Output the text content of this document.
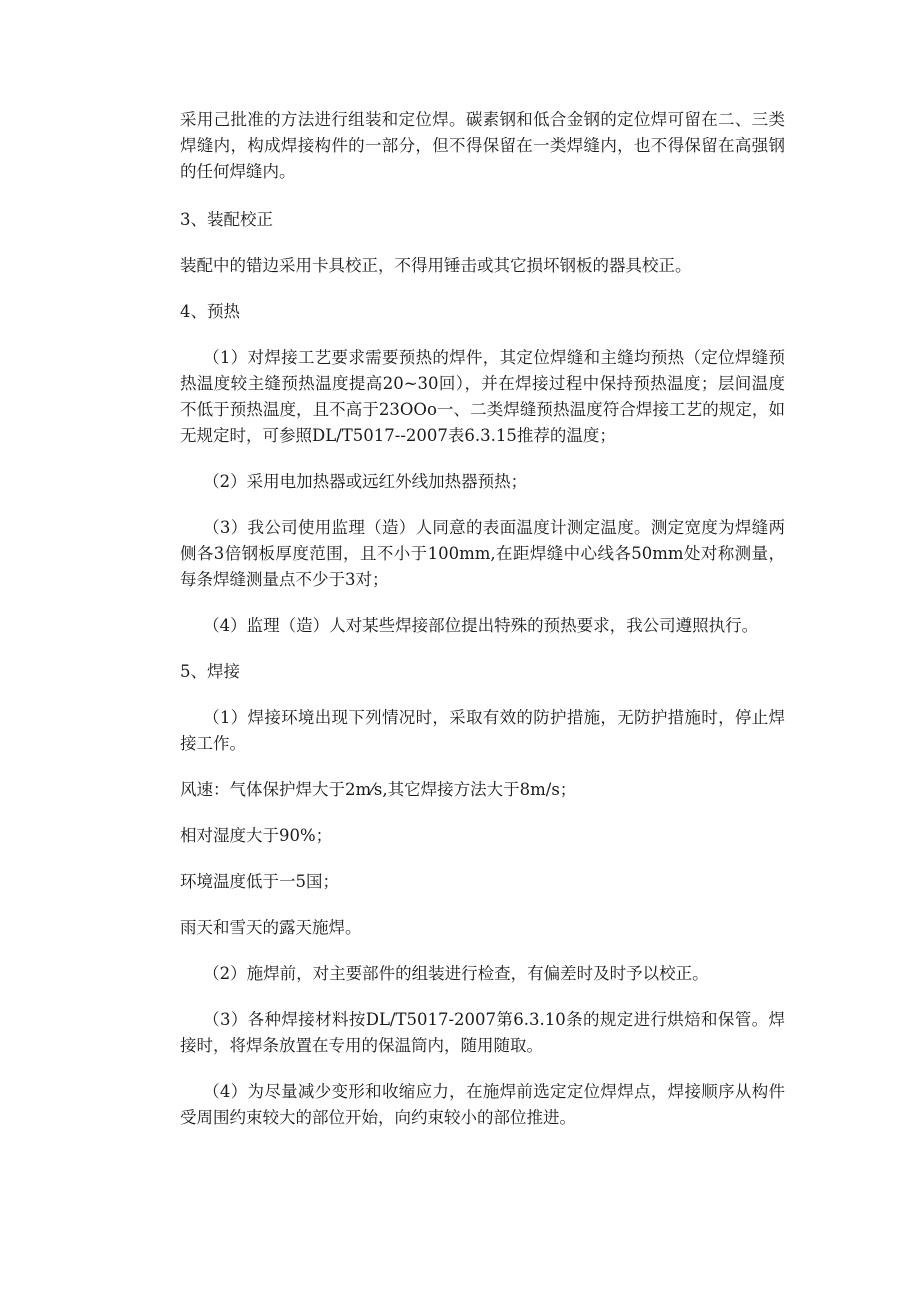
采用己批准的方法进行组装和定位焊。碳素钢和低合金钢的定位焊可留在二、三类焊缝内，构成焊接构件的一部分，但不得保留在一类焊缝内，也不得保留在高强钢的任何焊缝内。

3、装配校正

装配中的错边采用卡具校正，不得用锤击或其它损坏钢板的器具校正。

4、预热

（1）对焊接工艺要求需要预热的焊件，其定位焊缝和主缝均预热（定位焊缝预热温度较主缝预热温度提高20~30回），并在焊接过程中保持预热温度；层间温度不低于预热温度，且不高于23OOo一、二类焊缝预热温度符合焊接工艺的规定，如无规定时，可参照DL/T5017--2007表6.3.15推荐的温度；

（2）采用电加热器或远红外线加热器预热；

（3）我公司使用监理（造）人同意的表面温度计测定温度。测定宽度为焊缝两侧各3倍钢板厚度范围，且不小于100mm,在距焊缝中心线各50mm处对称测量，每条焊缝测量点不少于3对；

（4）监理（造）人对某些焊接部位提出特殊的预热要求，我公司遵照执行。

5、焊接

（1）焊接环境出现下列情况时，采取有效的防护措施，无防护措施时，停止焊接工作。

风速：气体保护焊大于2m⁄s,其它焊接方法大于8m/s；

相对湿度大于90%；

环境温度低于一5国；

雨天和雪天的露天施焊。

（2）施焊前，对主要部件的组装进行检查，有偏差时及时予以校正。

（3）各种焊接材料按DL/T5017-2007第6.3.10条的规定进行烘焙和保管。焊接时，将焊条放置在专用的保温筒内，随用随取。

（4）为尽量减少变形和收缩应力，在施焊前选定定位焊焊点，焊接顺序从构件受周围约束较大的部位开始，向约束较小的部位推进。
